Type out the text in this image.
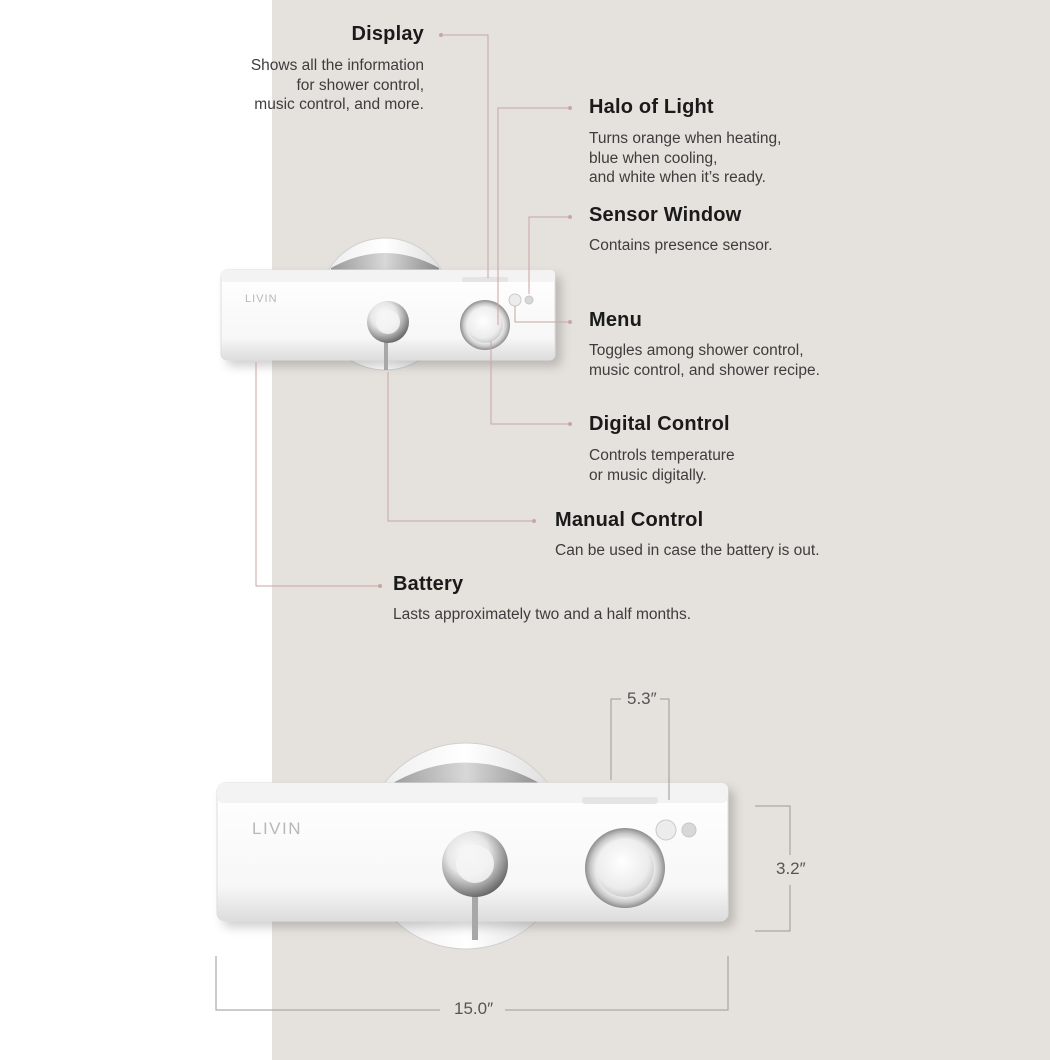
LIVIN
LIVIN
Display
Shows all the information
for shower control,
music control, and more.	Halo of Light
Turns orange when heating,
blue when cooling,
and white when it’s ready.
Sensor Window
Contains presence sensor.
Menu
Toggles among shower control,
music control, and shower recipe.
Digital Control
Controls temperature
or music digitally.
Manual Control
Can be used in case the battery is out.
Battery
Lasts approximately two and a half months.
5.3″
3.2″
15.0″
